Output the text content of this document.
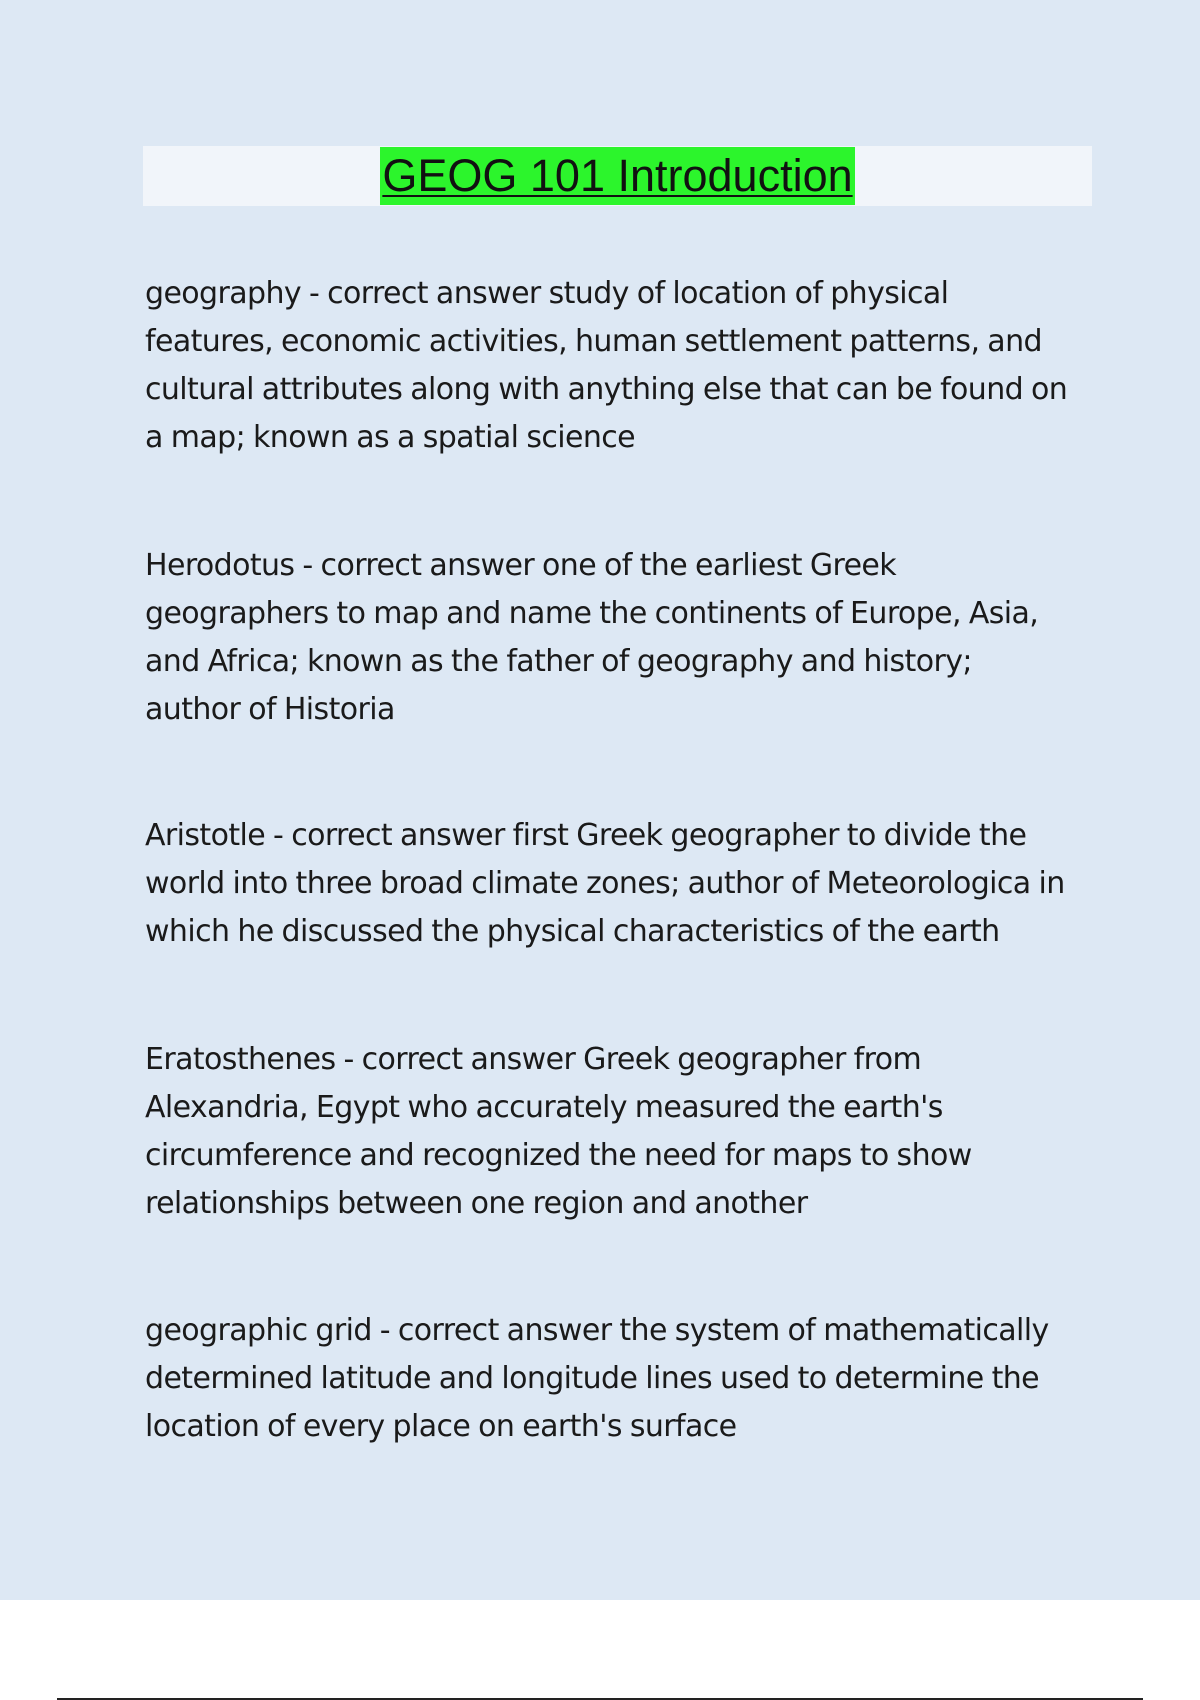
GEOG 101 Introduction

geography - correct answer study of location of physical features, economic activities, human settlement patterns, and cultural attributes along with anything else that can be found on a map; known as a spatial science

Herodotus - correct answer one of the earliest Greek geographers to map and name the continents of Europe, Asia, and Africa; known as the father of geography and history; author of Historia

Aristotle - correct answer first Greek geographer to divide the world into three broad climate zones; author of Meteorologica in which he discussed the physical characteristics of the earth

Eratosthenes - correct answer Greek geographer from Alexandria, Egypt who accurately measured the earth's circumference and recognized the need for maps to show relationships between one region and another

geographic grid - correct answer the system of mathematically determined latitude and longitude lines used to determine the location of every place on earth's surface
